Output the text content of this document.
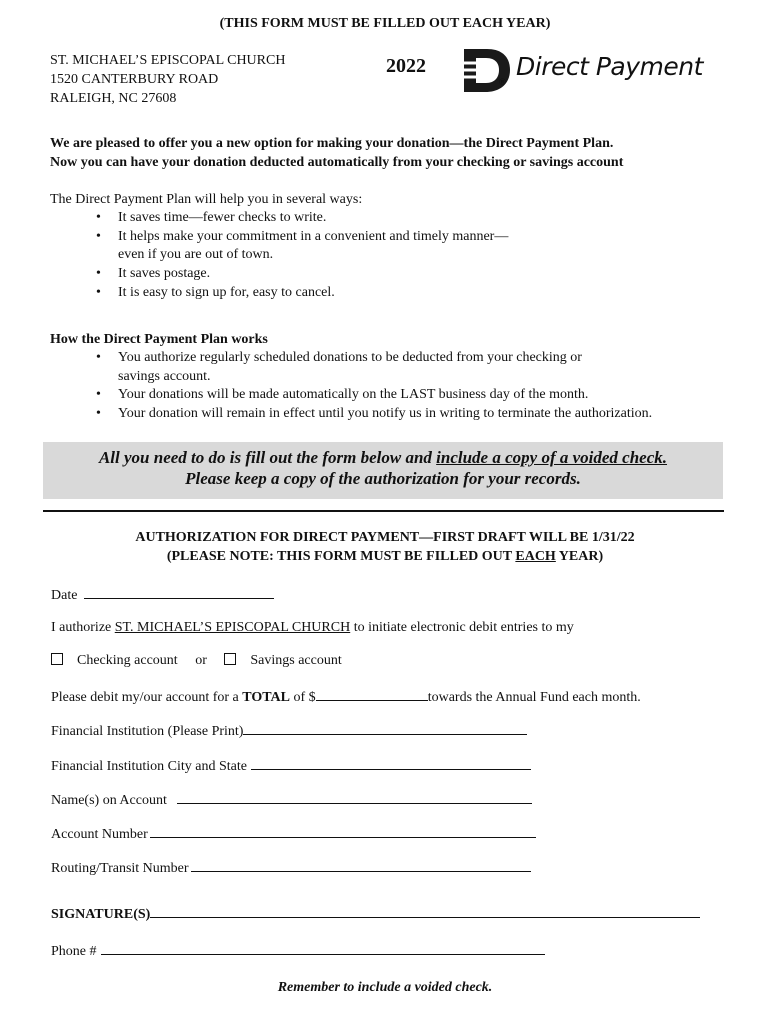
(THIS FORM MUST BE FILLED OUT EACH YEAR)
ST. MICHAEL’S EPISCOPAL CHURCH
1520 CANTERBURY ROAD
RALEIGH, NC 27608
2022
®
Direct Payment
We are pleased to offer you a new option for making your donation—the Direct Payment Plan.
Now you can have your donation deducted automatically from your checking or savings account
The Direct Payment Plan will help you in several ways:
• It saves time—fewer checks to write.
• It helps make your commitment in a convenient and timely manner—
even if you are out of town.
• It saves postage.
• It is easy to sign up for, easy to cancel.
How the Direct Payment Plan works
• You authorize regularly scheduled donations to be deducted from your checking or
savings account.
• Your donations will be made automatically on the LAST business day of the month.
• Your donation will remain in effect until you notify us in writing to terminate the authorization.
All you need to do is fill out the form below and include a copy of a voided check.
Please keep a copy of the authorization for your records.
AUTHORIZATION FOR DIRECT PAYMENT—FIRST DRAFT WILL BE 1/31/22
(PLEASE NOTE: THIS FORM MUST BE FILLED OUT EACH YEAR)
Date
I authorize ST. MICHAEL’S EPISCOPAL CHURCH to initiate electronic debit entries to my
Checking account or	Savings account
Please debit my/our account for a TOTAL of $	towards the Annual Fund each month.
Financial Institution (Please Print)
Financial Institution City and State
Name(s) on Account
Account Number
Routing/Transit Number
SIGNATURE(S)
Phone #
Remember to include a voided check.
